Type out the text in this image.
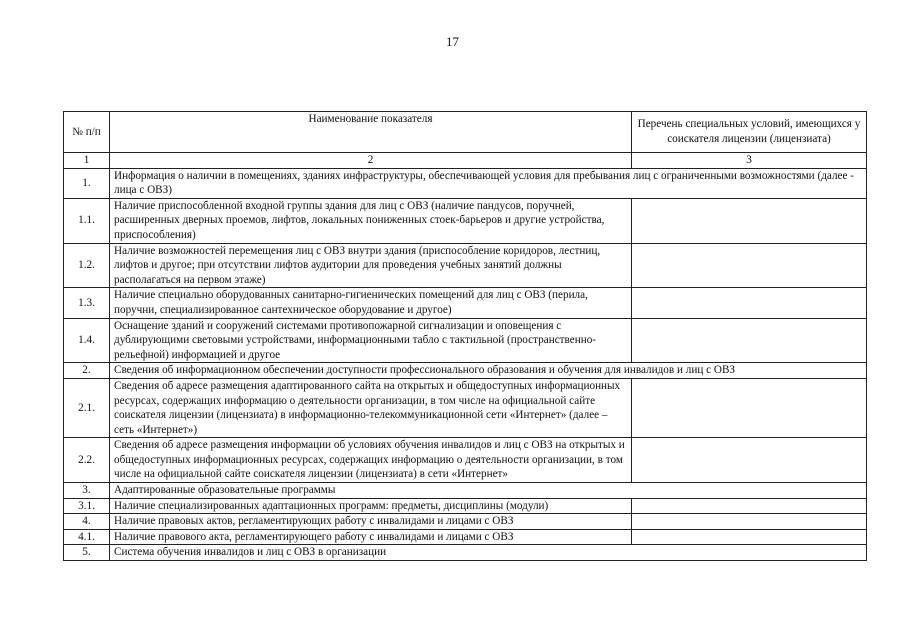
17
№ п/п	Наименование показателя	Перечень специальных условий, имеющихся у соискателя лицензии (лицензиата)
1	2	3
1.	Информация о наличии в помещениях, зданиях инфраструктуры, обеспечивающей условия для пребывания лиц с ограниченными возможностями (далее - лица с ОВЗ)	
1.1.	Наличие приспособленной входной группы здания для лиц с ОВЗ (наличие пандусов, поручней, расширенных дверных проемов, лифтов, локальных пониженных стоек-барьеров и другие устройства, приспособления)	
1.2.	Наличие возможностей перемещения лиц с ОВЗ внутри здания (приспособление коридоров, лестниц, лифтов и другое; при отсутствии лифтов аудитории для проведения учебных занятий должны располагаться на первом этаже)	
1.3.	Наличие специально оборудованных санитарно-гигиенических помещений для лиц с ОВЗ (перила, поручни, специализированное сантехническое оборудование и другое)	
1.4.	Оснащение зданий и сооружений системами противопожарной сигнализации и оповещения с дублирующими световыми устройствами, информационными табло с тактильной (пространственно-рельефной) информацией и другое	
2.	Сведения об информационном обеспечении доступности профессионального образования и обучения для инвалидов и лиц с ОВЗ	
2.1.	Сведения об адресе размещения адаптированного сайта на открытых и общедоступных информационных ресурсах, содержащих информацию о деятельности организации, в том числе на официальной сайте соискателя лицензии (лицензиата) в информационно-телекоммуникационной сети «Интернет» (далее – сеть «Интернет»)	
2.2.	Сведения об адресе размещения информации об условиях обучения инвалидов и лиц с ОВЗ на открытых и общедоступных информационных ресурсах, содержащих информацию о деятельности организации, в том числе на официальной сайте соискателя лицензии (лицензиата) в сети «Интернет»	
3.	Адаптированные образовательные программы	
3.1.	Наличие специализированных адаптационных программ: предметы, дисциплины (модули)	
4.	Наличие правовых актов, регламентирующих работу с инвалидами и лицами с ОВЗ	
4.1.	Наличие правового акта, регламентирующего работу с инвалидами и лицами с ОВЗ	
5.	Система обучения инвалидов и лиц с ОВЗ в организации	
